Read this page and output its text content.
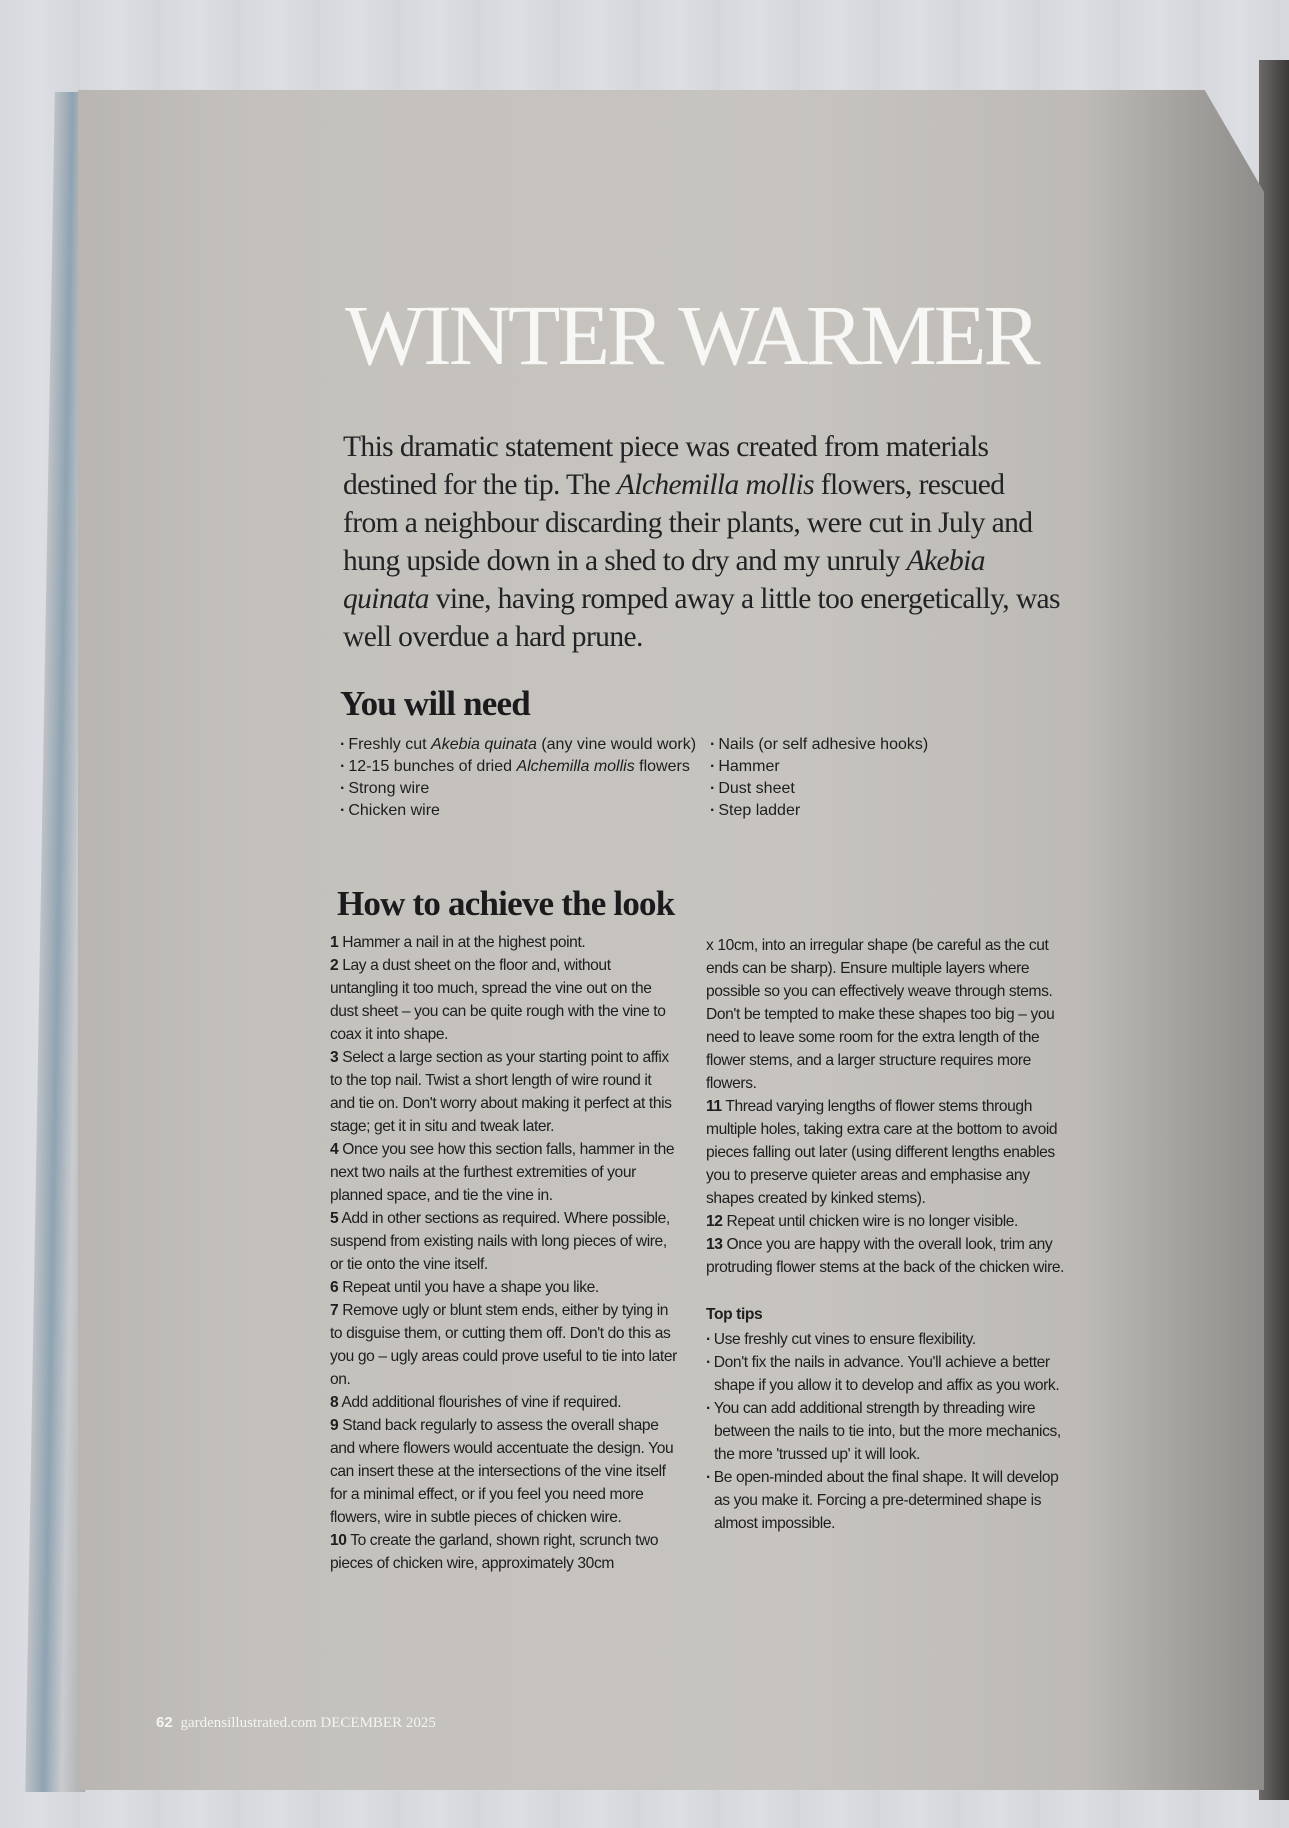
WINTER WARMER

This dramatic statement piece was created from materials destined for the tip. The Alchemilla mollis flowers, rescued from a neighbour discarding their plants, were cut in July and hung upside down in a shed to dry and my unruly Akebia quinata vine, having romped away a little too energetically, was well overdue a hard prune.

You will need
· Freshly cut Akebia quinata (any vine would work)
· 12-15 bunches of dried Alchemilla mollis flowers
· Strong wire
· Chicken wire
· Nails (or self adhesive hooks)
· Hammer
· Dust sheet
· Step ladder
How to achieve the look

1 Hammer a nail in at the highest point.

2 Lay a dust sheet on the floor and, without untangling it too much, spread the vine out on the dust sheet – you can be quite rough with the vine to coax it into shape.

3 Select a large section as your starting point to affix to the top nail. Twist a short length of wire round it and tie on. Don't worry about making it perfect at this stage; get it in situ and tweak later.

4 Once you see how this section falls, hammer in the next two nails at the furthest extremities of your planned space, and tie the vine in.

5 Add in other sections as required. Where possible, suspend from existing nails with long pieces of wire, or tie onto the vine itself.

6 Repeat until you have a shape you like.

7 Remove ugly or blunt stem ends, either by tying in to disguise them, or cutting them off. Don't do this as you go – ugly areas could prove useful to tie into later on.

8 Add additional flourishes of vine if required.

9 Stand back regularly to assess the overall shape and where flowers would accentuate the design. You can insert these at the intersections of the vine itself for a minimal effect, or if you feel you need more flowers, wire in subtle pieces of chicken wire.

10 To create the garland, shown right, scrunch two pieces of chicken wire, approximately 30cm

x 10cm, into an irregular shape (be careful as the cut ends can be sharp). Ensure multiple layers where possible so you can effectively weave through stems. Don't be tempted to make these shapes too big – you need to leave some room for the extra length of the flower stems, and a larger structure requires more flowers.

11 Thread varying lengths of flower stems through multiple holes, taking extra care at the bottom to avoid pieces falling out later (using different lengths enables you to preserve quieter areas and emphasise any shapes created by kinked stems).

12 Repeat until chicken wire is no longer visible.

13 Once you are happy with the overall look, trim any protruding flower stems at the back of the chicken wire.

Top tips
· Use freshly cut vines to ensure flexibility.
· Don't fix the nails in advance. You'll achieve a better shape if you allow it to develop and affix as you work.
· You can add additional strength by threading wire between the nails to tie into, but the more mechanics, the more 'trussed up' it will look.
· Be open-minded about the final shape. It will develop as you make it. Forcing a pre-determined shape is almost impossible.
62 gardensillustrated.com DECEMBER 2025
